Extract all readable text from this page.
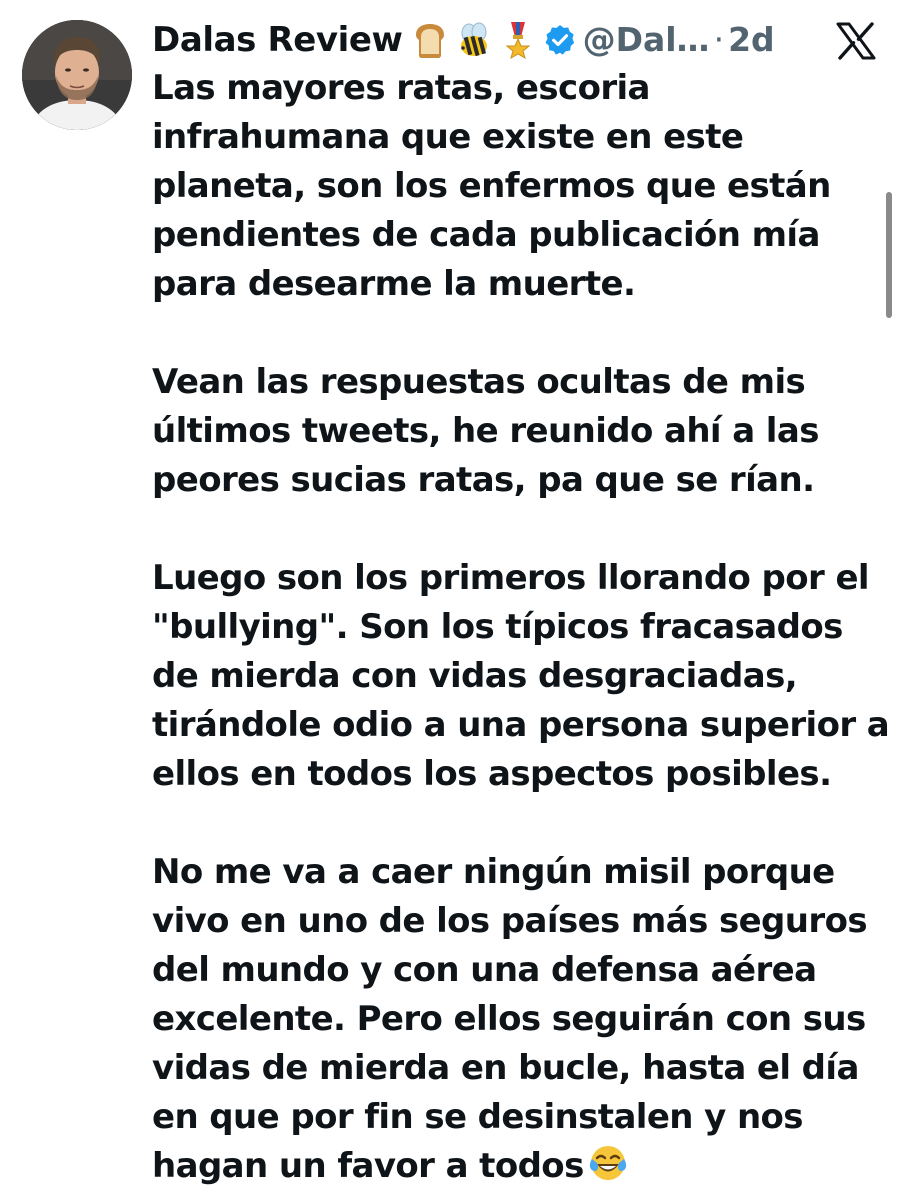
Dalas Review	@Dal… · 2d

Las mayores ratas, escoria
infrahumana que existe en este
planeta, son los enfermos que están
pendientes de cada publicación mía
para desearme la muerte.

Vean las respuestas ocultas de mis
últimos tweets, he reunido ahí a las
peores sucias ratas, pa que se rían.

Luego son los primeros llorando por el
"bullying". Son los típicos fracasados
de mierda con vidas desgraciadas,
tirándole odio a una persona superior a
ellos en todos los aspectos posibles.

No me va a caer ningún misil porque
vivo en uno de los países más seguros
del mundo y con una defensa aérea
excelente. Pero ellos seguirán con sus
vidas de mierda en bucle, hasta el día
en que por fin se desinstalen y nos
hagan un favor a todos
